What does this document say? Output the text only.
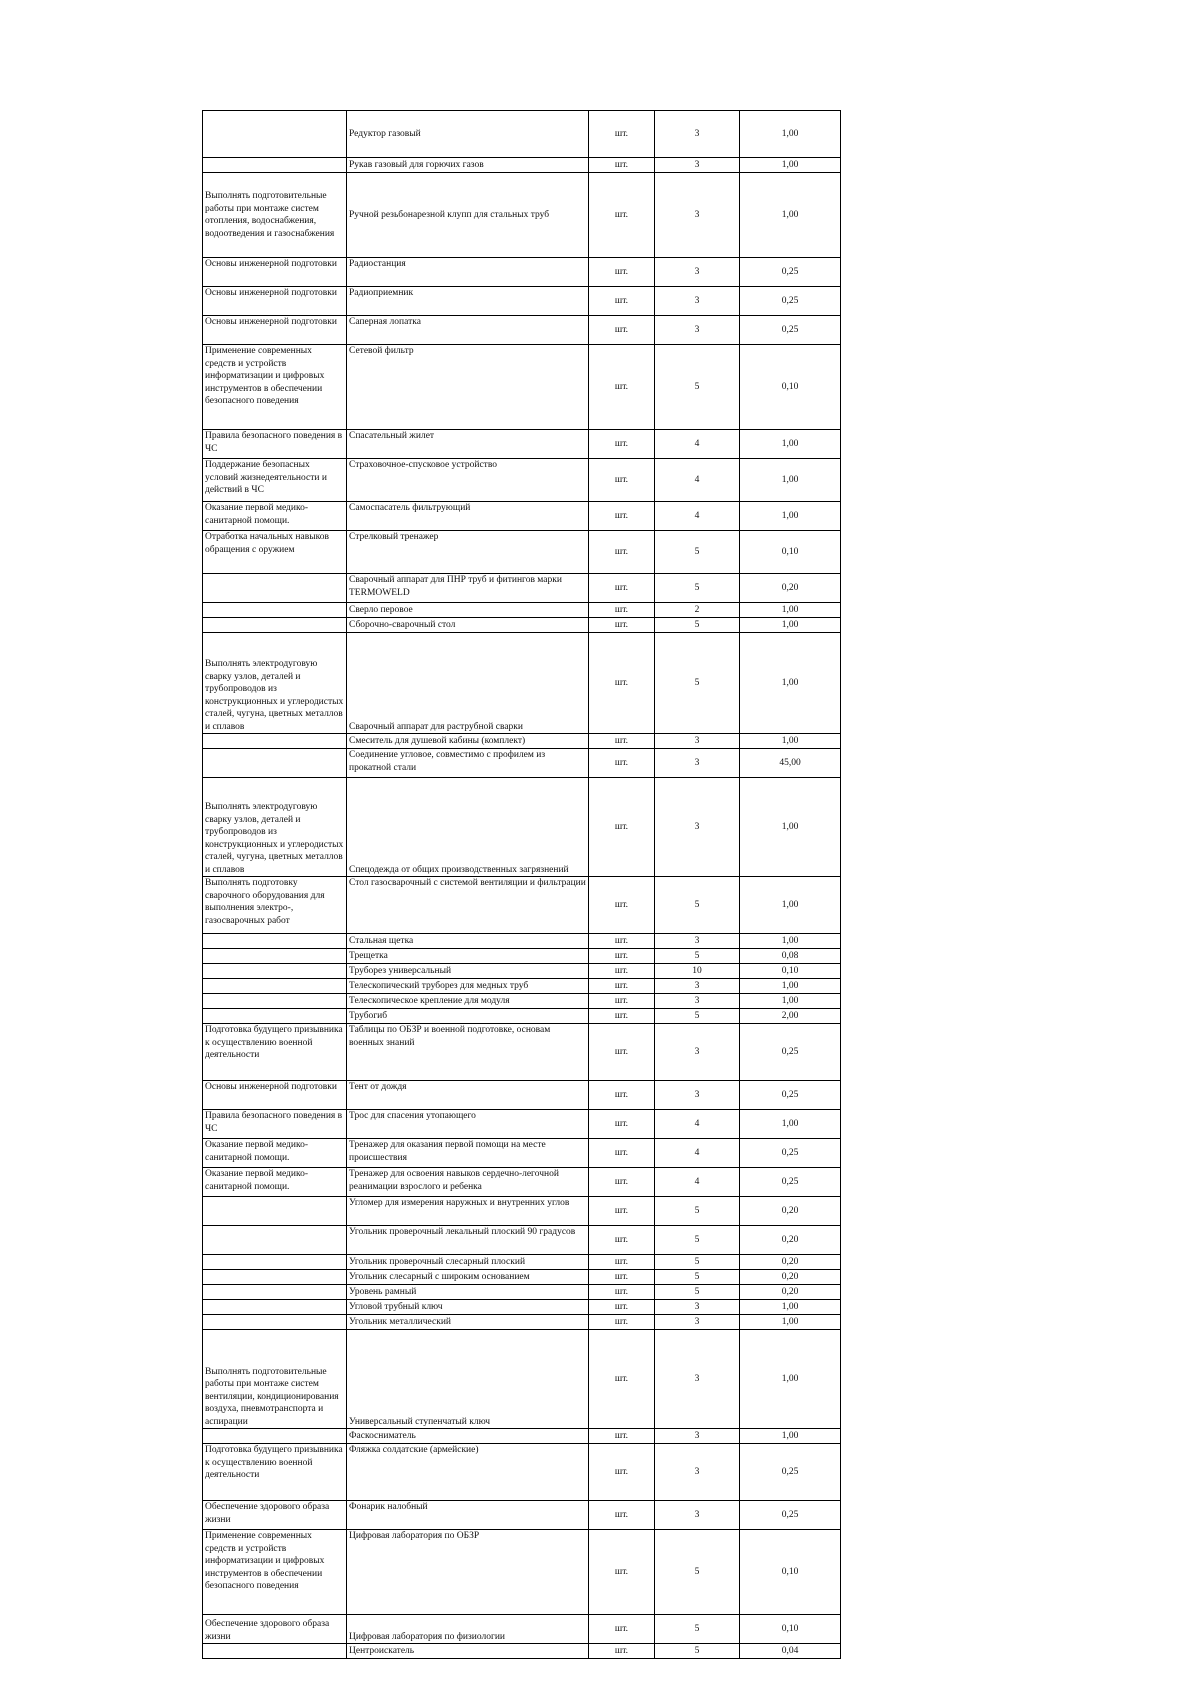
	Редуктор газовый	шт.	3	1,00
	Рукав газовый для горючих газов	шт.	3	1,00
Выполнять подготовительные работы при монтаже систем отопления, водоснабжения, водоотведения и газоснабжения	Ручной резьбонарезной клупп для стальных труб	шт.	3	1,00
Основы инженерной подготовки	Радиостанция	шт.	3	0,25
Основы инженерной подготовки	Радиоприемник	шт.	3	0,25
Основы инженерной подготовки	Саперная лопатка	шт.	3	0,25
Применение современных средств и устройств информатизации и цифровых инструментов в обеспечении безопасного поведения	Сетевой фильтр	шт.	5	0,10
Правила безопасного поведения в ЧС	Спасательный жилет	шт.	4	1,00
Поддержание безопасных условий жизнедеятельности и действий в ЧС	Страховочное-спусковое устройство	шт.	4	1,00
Оказание первой медико-санитарной помощи.	Самоспасатель фильтрующий	шт.	4	1,00
Отработка начальных навыков обращения с оружием	Стрелковый тренажер	шт.	5	0,10
	Сварочный аппарат для ПНР труб и фитингов марки TERMOWELD	шт.	5	0,20
	Сверло перовое	шт.	2	1,00
	Сборочно-сварочный стол	шт.	5	1,00
Выполнять электродуговую сварку узлов, деталей и трубопроводов из конструкционных и углеродистых сталей, чугуна, цветных металлов и сплавов	Сварочный аппарат для раструбной сварки	шт.	5	1,00
	Смеситель для душевой кабины (комплект)	шт.	3	1,00
	Соединение угловое, совместимо с профилем из прокатной стали	шт.	3	45,00
Выполнять электродуговую сварку узлов, деталей и трубопроводов из конструкционных и углеродистых сталей, чугуна, цветных металлов и сплавов	Спецодежда от общих производственных загрязнений	шт.	3	1,00
Выполнять подготовку сварочного оборудования для выполнения электро-, газосварочных работ	Стол газосварочный с системой вентиляции и фильтрации	шт.	5	1,00
	Стальная щетка	шт.	3	1,00
	Трещетка	шт.	5	0,08
	Труборез универсальный	шт.	10	0,10
	Телескопический труборез для медных труб	шт.	3	1,00
	Телескопическое крепление для модуля	шт.	3	1,00
	Трубогиб	шт.	5	2,00
Подготовка будущего призывника к осуществлению военной деятельности	Таблицы по ОБЗР и военной подготовке, основам военных знаний	шт.	3	0,25
Основы инженерной подготовки	Тент от дождя	шт.	3	0,25
Правила безопасного поведения в ЧС	Трос для спасения утопающего	шт.	4	1,00
Оказание первой медико-санитарной помощи.	Тренажер для оказания первой помощи на месте происшествия	шт.	4	0,25
Оказание первой медико-санитарной помощи.	Тренажер для освоения навыков сердечно-легочной реанимации взрослого и ребенка	шт.	4	0,25
	Угломер для измерения наружных и внутренних углов	шт.	5	0,20
	Угольник проверочный лекальный плоский 90 градусов	шт.	5	0,20
	Угольник проверочный слесарный плоский	шт.	5	0,20
	Угольник слесарный с широким основанием	шт.	5	0,20
	Уровень рамный	шт.	5	0,20
	Угловой трубный ключ	шт.	3	1,00
	Угольник металлический	шт.	3	1,00
Выполнять подготовительные работы при монтаже систем вентиляции, кондиционирования воздуха, пневмотранспорта и аспирации	Универсальный ступенчатый ключ	шт.	3	1,00
	Фаскосниматель	шт.	3	1,00
Подготовка будущего призывника к осуществлению военной деятельности	Фляжка солдатские (армейские)	шт.	3	0,25
Обеспечение здорового образа жизни	Фонарик налобный	шт.	3	0,25
Применение современных средств и устройств информатизации и цифровых инструментов в обеспечении безопасного поведения	Цифровая лаборатория по ОБЗР	шт.	5	0,10
Обеспечение здорового образа жизни	Цифровая лаборатория по физиологии	шт.	5	0,10
	Центроискатель	шт.	5	0,04
